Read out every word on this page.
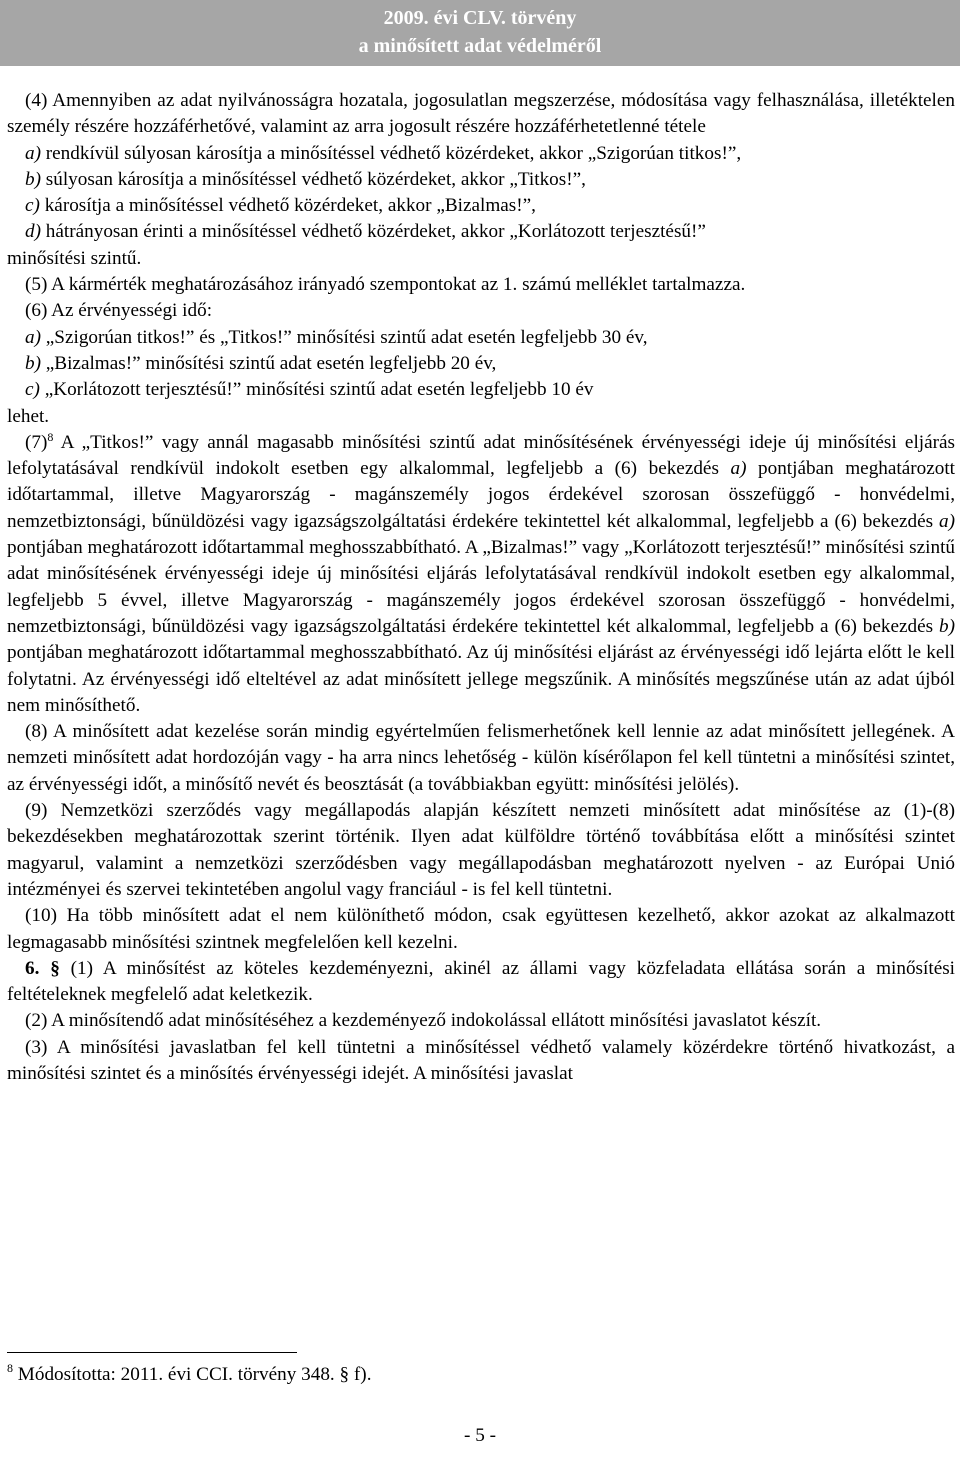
2009. évi CLV. törvény
a minősített adat védelméről

(4) Amennyiben az adat nyilvánosságra hozatala, jogosulatlan megszerzése, módosítása vagy felhasználása, illetéktelen személy részére hozzáférhetővé, valamint az arra jogosult részére hozzáférhetetlenné tétele

a) rendkívül súlyosan károsítja a minősítéssel védhető közérdeket, akkor „Szigorúan titkos!”,

b) súlyosan károsítja a minősítéssel védhető közérdeket, akkor „Titkos!”,

c) károsítja a minősítéssel védhető közérdeket, akkor „Bizalmas!”,

d) hátrányosan érinti a minősítéssel védhető közérdeket, akkor „Korlátozott terjesztésű!”

minősítési szintű.

(5) A kármérték meghatározásához irányadó szempontokat az 1. számú melléklet tartalmazza.

(6) Az érvényességi idő:

a) „Szigorúan titkos!” és „Titkos!” minősítési szintű adat esetén legfeljebb 30 év,

b) „Bizalmas!” minősítési szintű adat esetén legfeljebb 20 év,

c) „Korlátozott terjesztésű!” minősítési szintű adat esetén legfeljebb 10 év

lehet.

$(7)^8$ A „Titkos!” vagy annál magasabb minősítési szintű adat minősítésének érvényességi ideje új minősítési eljárás lefolytatásával rendkívül indokolt esetben egy alkalommal, legfeljebb a (6) bekezdés a) pontjában meghatározott időtartammal, illetve Magyarország - magánszemély jogos érdekével szorosan összefüggő - honvédelmi, nemzetbiztonsági, bűnüldözési vagy igazságszolgáltatási érdekére tekintettel két alkalommal, legfeljebb a (6) bekezdés a) pontjában meghatározott időtartammal meghosszabbítható. A „Bizalmas!” vagy „Korlátozott terjesztésű!” minősítési szintű adat minősítésének érvényességi ideje új minősítési eljárás lefolytatásával rendkívül indokolt esetben egy alkalommal, legfeljebb 5 évvel, illetve Magyarország - magánszemély jogos érdekével szorosan összefüggő - honvédelmi, nemzetbiztonsági, bűnüldözési vagy igazságszolgáltatási érdekére tekintettel két alkalommal, legfeljebb a (6) bekezdés b) pontjában meghatározott időtartammal meghosszabbítható. Az új minősítési eljárást az érvényességi idő lejárta előtt le kell folytatni. Az érvényességi idő elteltével az adat minősített jellege megszűnik. A minősítés megszűnése után az adat újból nem minősíthető.

(8) A minősített adat kezelése során mindig egyértelműen felismerhetőnek kell lennie az adat minősített jellegének. A nemzeti minősített adat hordozóján vagy - ha arra nincs lehetőség - külön kísérőlapon fel kell tüntetni a minősítési szintet, az érvényességi időt, a minősítő nevét és beosztását (a továbbiakban együtt: minősítési jelölés).

(9) Nemzetközi szerződés vagy megállapodás alapján készített nemzeti minősített adat minősítése az (1)-(8) bekezdésekben meghatározottak szerint történik. Ilyen adat külföldre történő továbbítása előtt a minősítési szintet magyarul, valamint a nemzetközi szerződésben vagy megállapodásban meghatározott nyelven - az Európai Unió intézményei és szervei tekintetében angolul vagy franciául - is fel kell tüntetni.

(10) Ha több minősített adat el nem különíthető módon, csak együttesen kezelhető, akkor azokat az alkalmazott legmagasabb minősítési szintnek megfelelően kell kezelni.

6. § (1) A minősítést az köteles kezdeményezni, akinél az állami vagy közfeladata ellátása során a minősítési feltételeknek megfelelő adat keletkezik.

(2) A minősítendő adat minősítéséhez a kezdeményező indokolással ellátott minősítési javaslatot készít.

(3) A minősítési javaslatban fel kell tüntetni a minősítéssel védhető valamely közérdekre történő hivatkozást, a minősítési szintet és a minősítés érvényességi idejét. A minősítési javaslat

$^8$ Módosította: 2011. évi CCI. törvény 348. § f).
- 5 -
